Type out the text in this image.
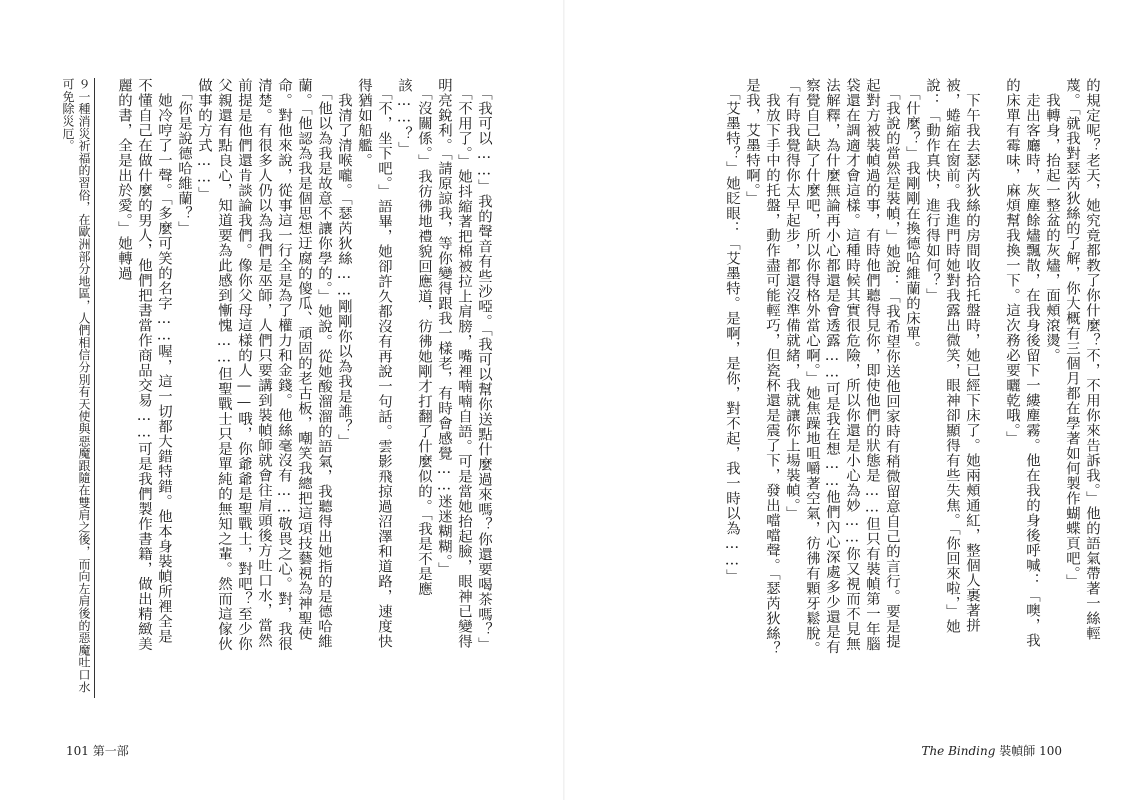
　「我可以……」我的聲音有些沙啞。「我可以幫你送點什麼過來嗎？你還要喝茶嗎？」
　「不用了。」她抖縮著把棉被拉上肩膀，嘴裡喃喃自語。可是當她抬起臉，眼神已變得明亮銳利。「請原諒我，等你變得跟我一樣老，有時會感覺……迷迷糊糊。」
　「沒關係。」我彷彿地禮貌回應道，彷彿她剛才打翻了什麼似的。「我是不是應該……？」
　「不，坐下吧。」語畢，她卻許久都沒有再說一句話。雲影飛掠過沼澤和道路，速度快得猶如船艦。
　我清了清喉嚨。「瑟芮狄絲……剛剛你以為我是誰？」
　「他以為我是故意不讓你學的。」她說。從她酸溜溜的語氣，我聽得出她指的是德哈維蘭。「他認為我是個思想迂腐的傻瓜、頑固的老古板，嘲笑我總把這項技藝視為神聖使命。對他來說，從事這一行全是為了權力和金錢。他絲毫沒有……敬畏之心。對，我很清楚。有很多人仍以為我們是巫師，人們只要講到裝幀師就會往肩頭後方吐口水，當然前提是他們還肯談論我們。像你父母這樣的人——哦，你爺爺是聖戰士，對吧？至少你父親還有點良心，知道要為此感到慚愧……但聖戰士只是單純的無知之輩。然而這傢伙做事的方式……」
　「你是說德哈維蘭？」
　她冷哼了一聲。「多麼可笑的名字……喔，這一切都大錯特錯。他本身裝幀所裡全是不懂自己在做什麼的男人，他們把書當作商品交易……可是我們製作書籍，做出精緻美麗的書，全是出於愛。」她轉過
９一種消災祈福的習俗，在歐洲部分地區，人們相信分別有天使與惡魔跟隨在雙肩之後，而向左肩後的惡魔吐口水可免除災厄。
101 第一部
的規定呢？老天，她究竟都教了你什麼？不，不用你來告訴我。」他的語氣帶著一絲輕蔑。「就我對瑟芮狄絲的了解，你大概有三個月都在學著如何製作蝴蝶頁吧。」
　我轉身，抬起一整盆的灰燼，面頰滾燙。
　走出客廳時，灰塵餘燼飄散，在我身後留下一縷塵霧。他在我的身後呼喊：「噢，我的床單有霉味，麻煩幫我換一下。這次務必要曬乾哦。」

　下午我去瑟芮狄絲的房間收拾托盤時，她已經下床了。她兩頰通紅，整個人裹著拼被，蜷縮在窗前。我進門時她對我露出微笑，眼神卻顯得有些失焦。「你回來啦，」她說：「動作真快，進行得如何？」
　「什麼？」我剛剛在換德哈維蘭的床單。
　「我說的當然是裝幀，」她說：「我希望你送他回家時有稍微留意自己的言行。要是提起對方被裝幀過的事，有時他們聽得見你，即使他們的狀態是……但只有裝幀第一年腦袋還在調適才會這樣。這種時候其實很危險，所以你還是小心為妙……你又視而不見無法解釋，為什麼無論再小心都還是會透露……可是我在想……他們內心深處多少還是有察覺自己缺了什麼吧，所以你得格外當心啊。」她焦躁地咀嚼著空氣，彷彿有顆牙鬆脫。「有時我覺得你太早起步，都還沒準備就緒，我就讓你上場裝幀。」
　我放下手中的托盤，動作盡可能輕巧，但瓷杯還是震了下，發出噹噹聲。「瑟芮狄絲？是我，艾墨特啊。」
　「艾墨特？」她眨眼：「艾墨特。是啊，是你，對不起，我一時以為……」
The Binding 裝幀師 100
